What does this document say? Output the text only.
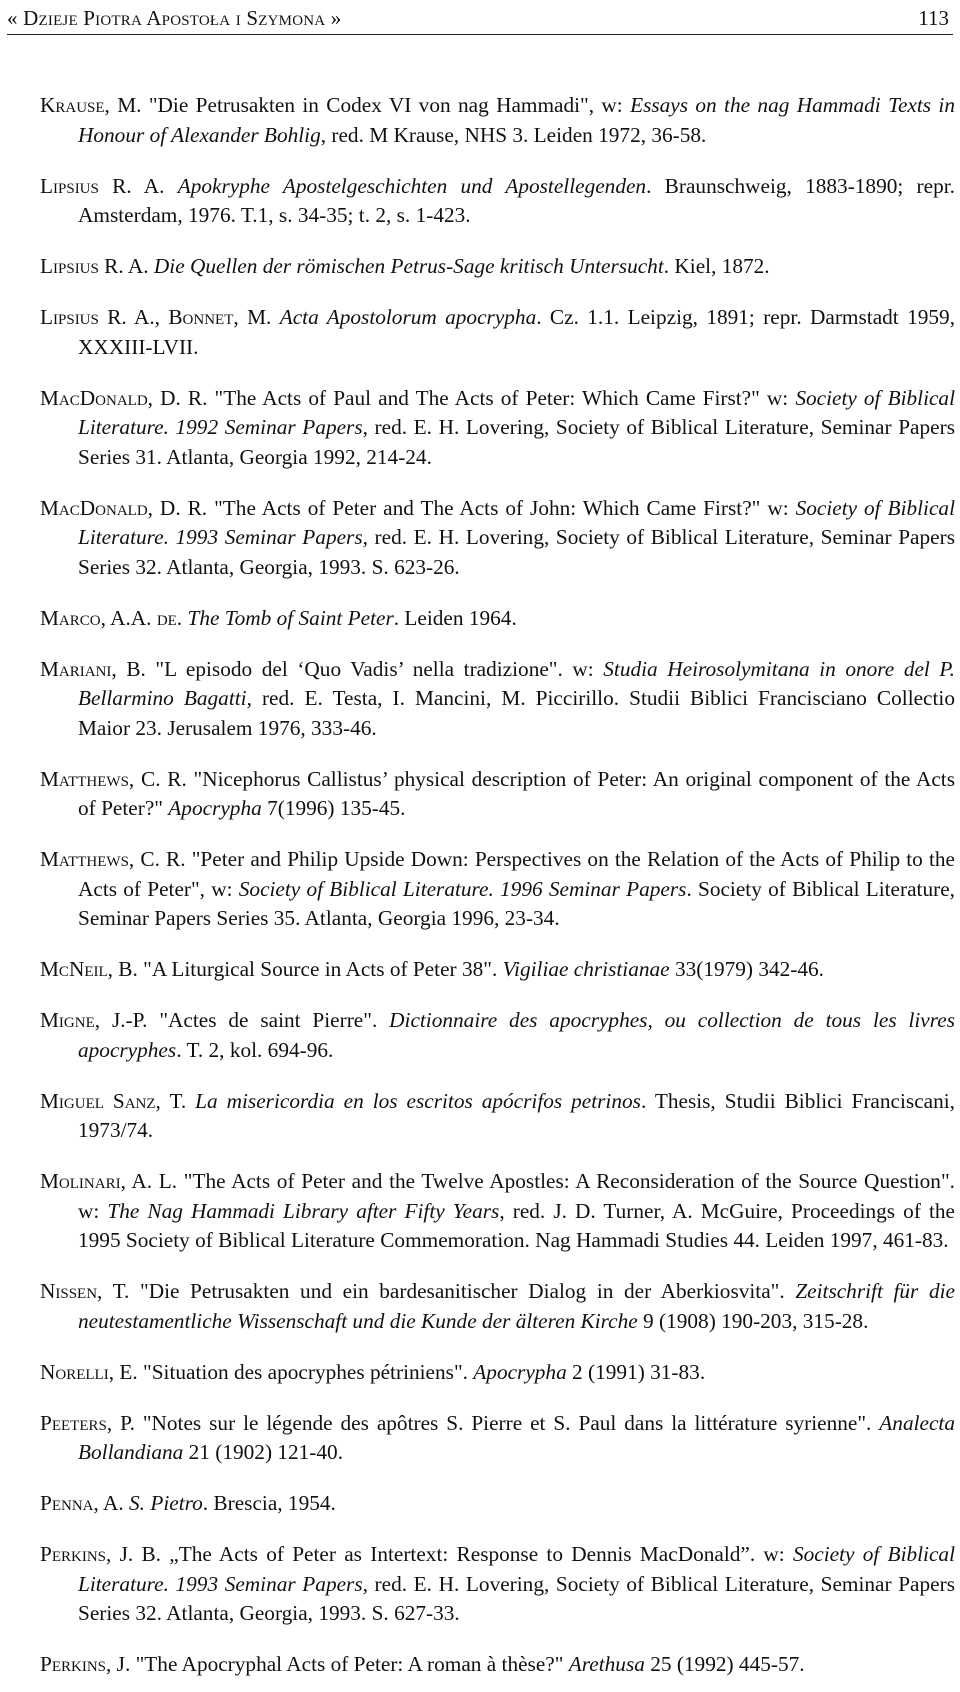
« Dzieje Piotra Apostoła i Szymona »	113

Krause, M. "Die Petrusakten in Codex VI von nag Hammadi", w: Essays on the nag Hammadi Texts in Honour of Alexander Bohlig, red. M Krause, NHS 3. Leiden 1972, 36-58.

Lipsius R. A. Apokryphe Apostelgeschichten und Apostellegenden. Braunschweig, 1883-1890; repr. Amsterdam, 1976. T.1, s. 34-35; t. 2, s. 1-423.

Lipsius R. A. Die Quellen der römischen Petrus-Sage kritisch Untersucht. Kiel, 1872.

Lipsius R. A., Bonnet, M. Acta Apostolorum apocrypha. Cz. 1.1. Leipzig, 1891; repr. Darmstadt 1959, XXXIII-LVII.

MacDonald, D. R. "The Acts of Paul and The Acts of Peter: Which Came First?" w: Society of Biblical Literature. 1992 Seminar Papers, red. E. H. Lovering, Society of Biblical Literature, Seminar Papers Series 31. Atlanta, Georgia 1992, 214-24.

MacDonald, D. R. "The Acts of Peter and The Acts of John: Which Came First?" w: Society of Biblical Literature. 1993 Seminar Papers, red. E. H. Lovering, Society of Biblical Literature, Seminar Papers Series 32. Atlanta, Georgia, 1993. S. 623-26.

Marco, A.A. de. The Tomb of Saint Peter. Leiden 1964.

Mariani, B. "L episodo del ‘Quo Vadis’ nella tradizione". w: Studia Heirosolymitana in onore del P. Bellarmino Bagatti, red. E. Testa, I. Mancini, M. Piccirillo. Studii Biblici Francisciano Collectio Maior 23. Jerusalem 1976, 333-46.

Matthews, C. R. "Nicephorus Callistus’ physical description of Peter: An original component of the Acts of Peter?" Apocrypha 7(1996) 135-45.

Matthews, C. R. "Peter and Philip Upside Down: Perspectives on the Relation of the Acts of Philip to the Acts of Peter", w: Society of Biblical Literature. 1996 Seminar Papers. Society of Biblical Literature, Seminar Papers Series 35. Atlanta, Georgia 1996, 23-34.

McNeil, B. "A Liturgical Source in Acts of Peter 38". Vigiliae christianae 33(1979) 342-46.

Migne, J.-P. "Actes de saint Pierre". Dictionnaire des apocryphes, ou collection de tous les livres apocryphes. T. 2, kol. 694-96.

Miguel Sanz, T. La misericordia en los escritos apócrifos petrinos. Thesis, Studii Biblici Franciscani, 1973/74.

Molinari, A. L. "The Acts of Peter and the Twelve Apostles: A Reconsideration of the Source Question". w: The Nag Hammadi Library after Fifty Years, red. J. D. Turner, A. McGuire, Proceedings of the 1995 Society of Biblical Literature Commemoration. Nag Hammadi Studies 44. Leiden 1997, 461-83.

Nissen, T. "Die Petrusakten und ein bardesanitischer Dialog in der Aberkiosvita". Zeitschrift für die neutestamentliche Wissenschaft und die Kunde der älteren Kirche 9 (1908) 190-203, 315-28.

Norelli, E. "Situation des apocryphes pétriniens". Apocrypha 2 (1991) 31-83.

Peeters, P. "Notes sur le légende des apôtres S. Pierre et S. Paul dans la littérature syrienne". Analecta Bollandiana 21 (1902) 121-40.

Penna, A. S. Pietro. Brescia, 1954.

Perkins, J. B. „The Acts of Peter as Intertext: Response to Dennis MacDonald”. w: Society of Biblical Literature. 1993 Seminar Papers, red. E. H. Lovering, Society of Biblical Literature, Seminar Papers Series 32. Atlanta, Georgia, 1993. S. 627-33.

Perkins, J. "The Apocryphal Acts of Peter: A roman à thèse?" Arethusa 25 (1992) 445-57.
